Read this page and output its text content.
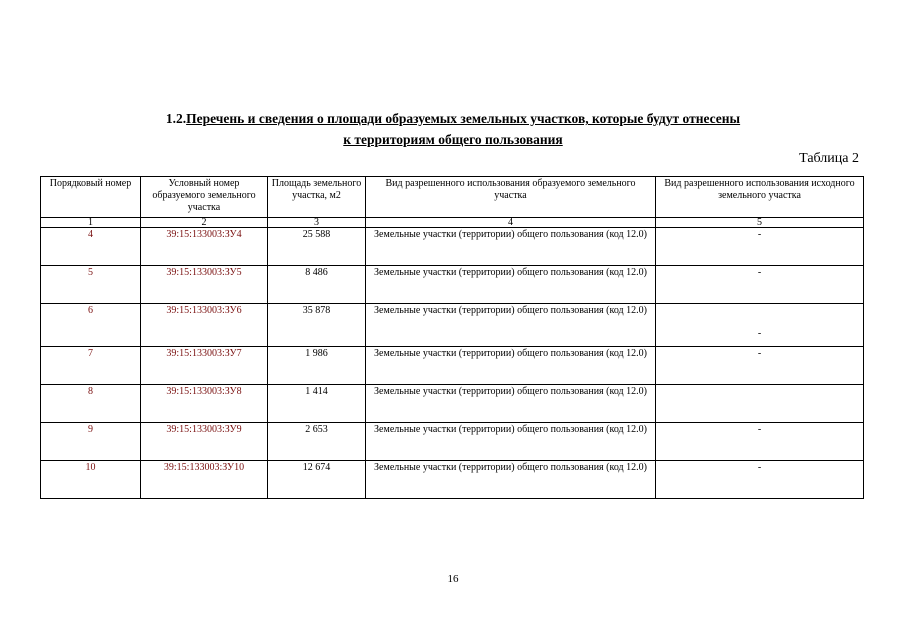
1.2.Перечень и сведения о площади образуемых земельных участков, которые будут отнесены
к территориям общего пользования
Таблица 2
Порядковый номер	Условный номер образуемого земельного участка	Площадь земельного участка, м2	Вид разрешенного использования образуемого земельного участка	Вид разрешенного использования исходного земельного участка
1	2	3	4	5
4	39:15:133003:ЗУ4	25 588	Земельные участки (территории) общего пользования (код 12.0)	-
5	39:15:133003:ЗУ5	8 486	Земельные участки (территории) общего пользования (код 12.0)	-
6	39:15:133003:ЗУ6	35 878	Земельные участки (территории) общего пользования (код 12.0)	-
7	39:15:133003:ЗУ7	1 986	Земельные участки (территории) общего пользования (код 12.0)	-
8	39:15:133003:ЗУ8	1 414	Земельные участки (территории) общего пользования (код 12.0)	
9	39:15:133003:ЗУ9	2 653	Земельные участки (территории) общего пользования (код 12.0)	-
10	39:15:133003:ЗУ10	12 674	Земельные участки (территории) общего пользования (код 12.0)	-
16
